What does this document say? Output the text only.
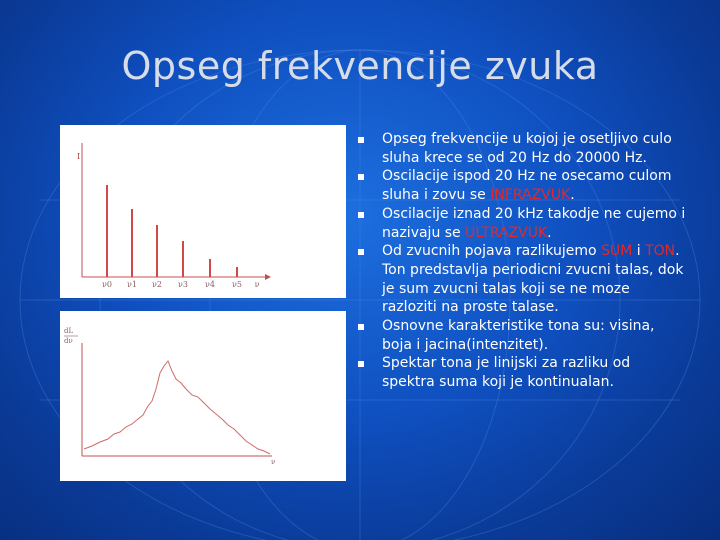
Opseg frekvencije zvuka
I
ν0 ν1 ν2 ν3 ν4 ν5 ν
dL
dν
ν
Opseg frekvencije u kojoj je osetljivo culo sluha krece se od 20 Hz do 20000 Hz.
Oscilacije ispod 20 Hz ne osecamo culom sluha i zovu se INFRAZVUK.
Oscilacije iznad 20 kHz takodje ne cujemo i nazivaju se ULTRAZVUK.
Od zvucnih pojava razlikujemo SUM i TON. Ton predstavlja periodicni zvucni talas, dok je sum zvucni talas koji se ne moze razloziti na proste talase.
Osnovne karakteristike tona su: visina, boja i jacina(intenzitet).
Spektar tona je linijski za razliku od spektra suma koji je kontinualan.
